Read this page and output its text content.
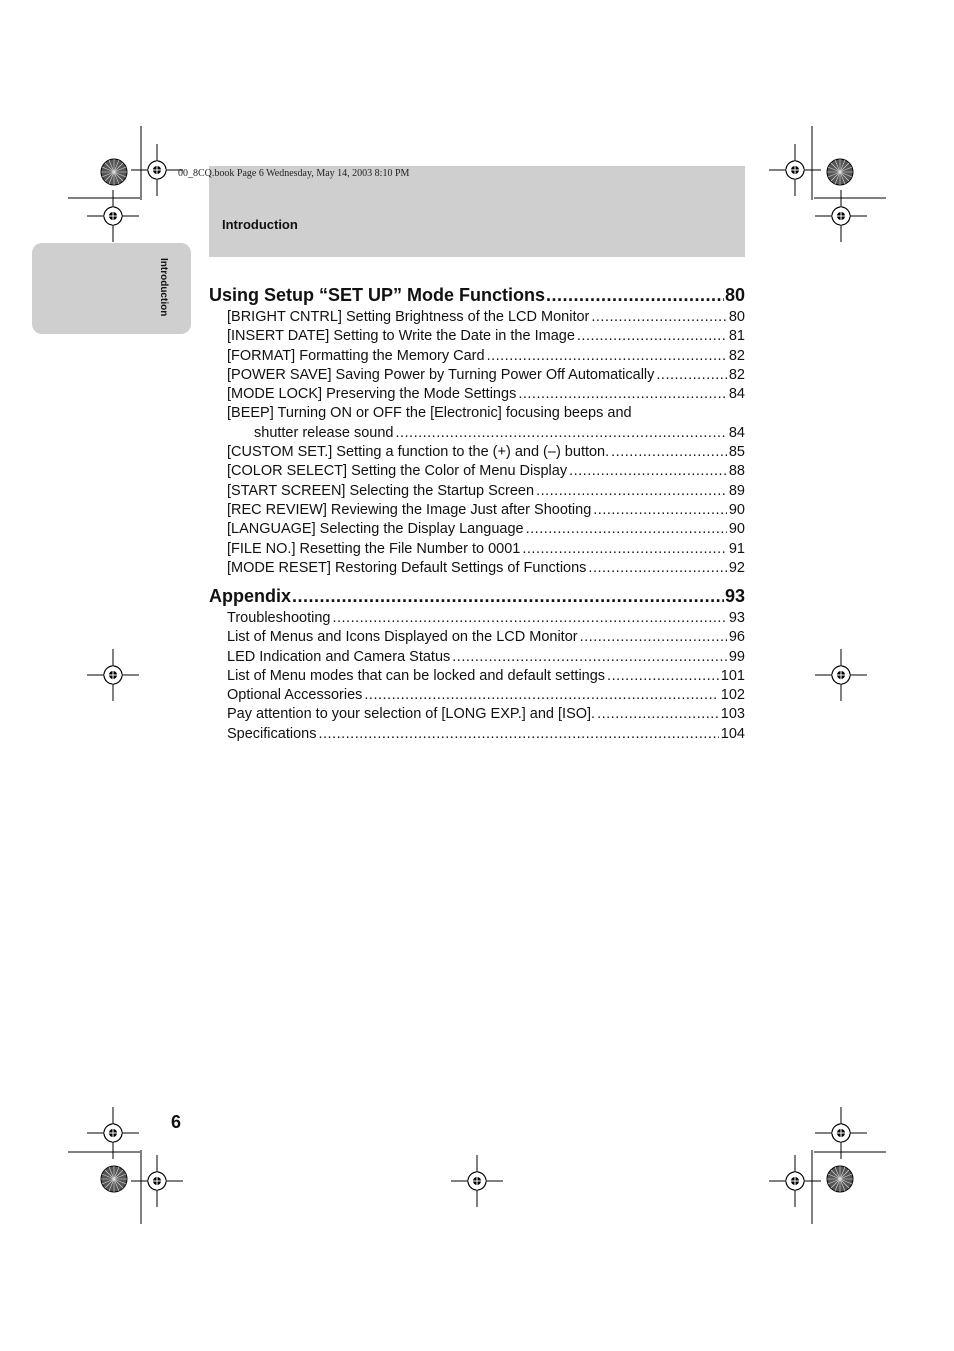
00_8CQ.book Page 6 Wednesday, May 14, 2003 8:10 PM
Introduction
Introduction Using Setup “SET UP” Mode Functions .....	80
[BRIGHT CNTRL] Setting Brightness of the LCD Monitor .....	80
[INSERT DATE] Setting to Write the Date in the Image .....	81
[FORMAT] Formatting the Memory Card .....	82
[POWER SAVE] Saving Power by Turning Power Off Automatically .....	82
[MODE LOCK] Preserving the Mode Settings .....	84
[BEEP] Turning ON or OFF the [Electronic] focusing beeps and
shutter release sound .....	84
[CUSTOM SET.] Setting a function to the (+) and (–) button. .....	85
[COLOR SELECT] Setting the Color of Menu Display .....	88
[START SCREEN] Selecting the Startup Screen .....	89
[REC REVIEW] Reviewing the Image Just after Shooting .....	90
[LANGUAGE] Selecting the Display Language .....	90
[FILE NO.] Resetting the File Number to 0001 .....	91
[MODE RESET] Restoring Default Settings of Functions .....	92
Appendix .....	93
Troubleshooting .....	93
List of Menus and Icons Displayed on the LCD Monitor .....	96
LED Indication and Camera Status .....	99
List of Menu modes that can be locked and default settings .....	101
Optional Accessories .....	102
Pay attention to your selection of [LONG EXP.] and [ISO]. .....	103
Specifications .....	104
6
